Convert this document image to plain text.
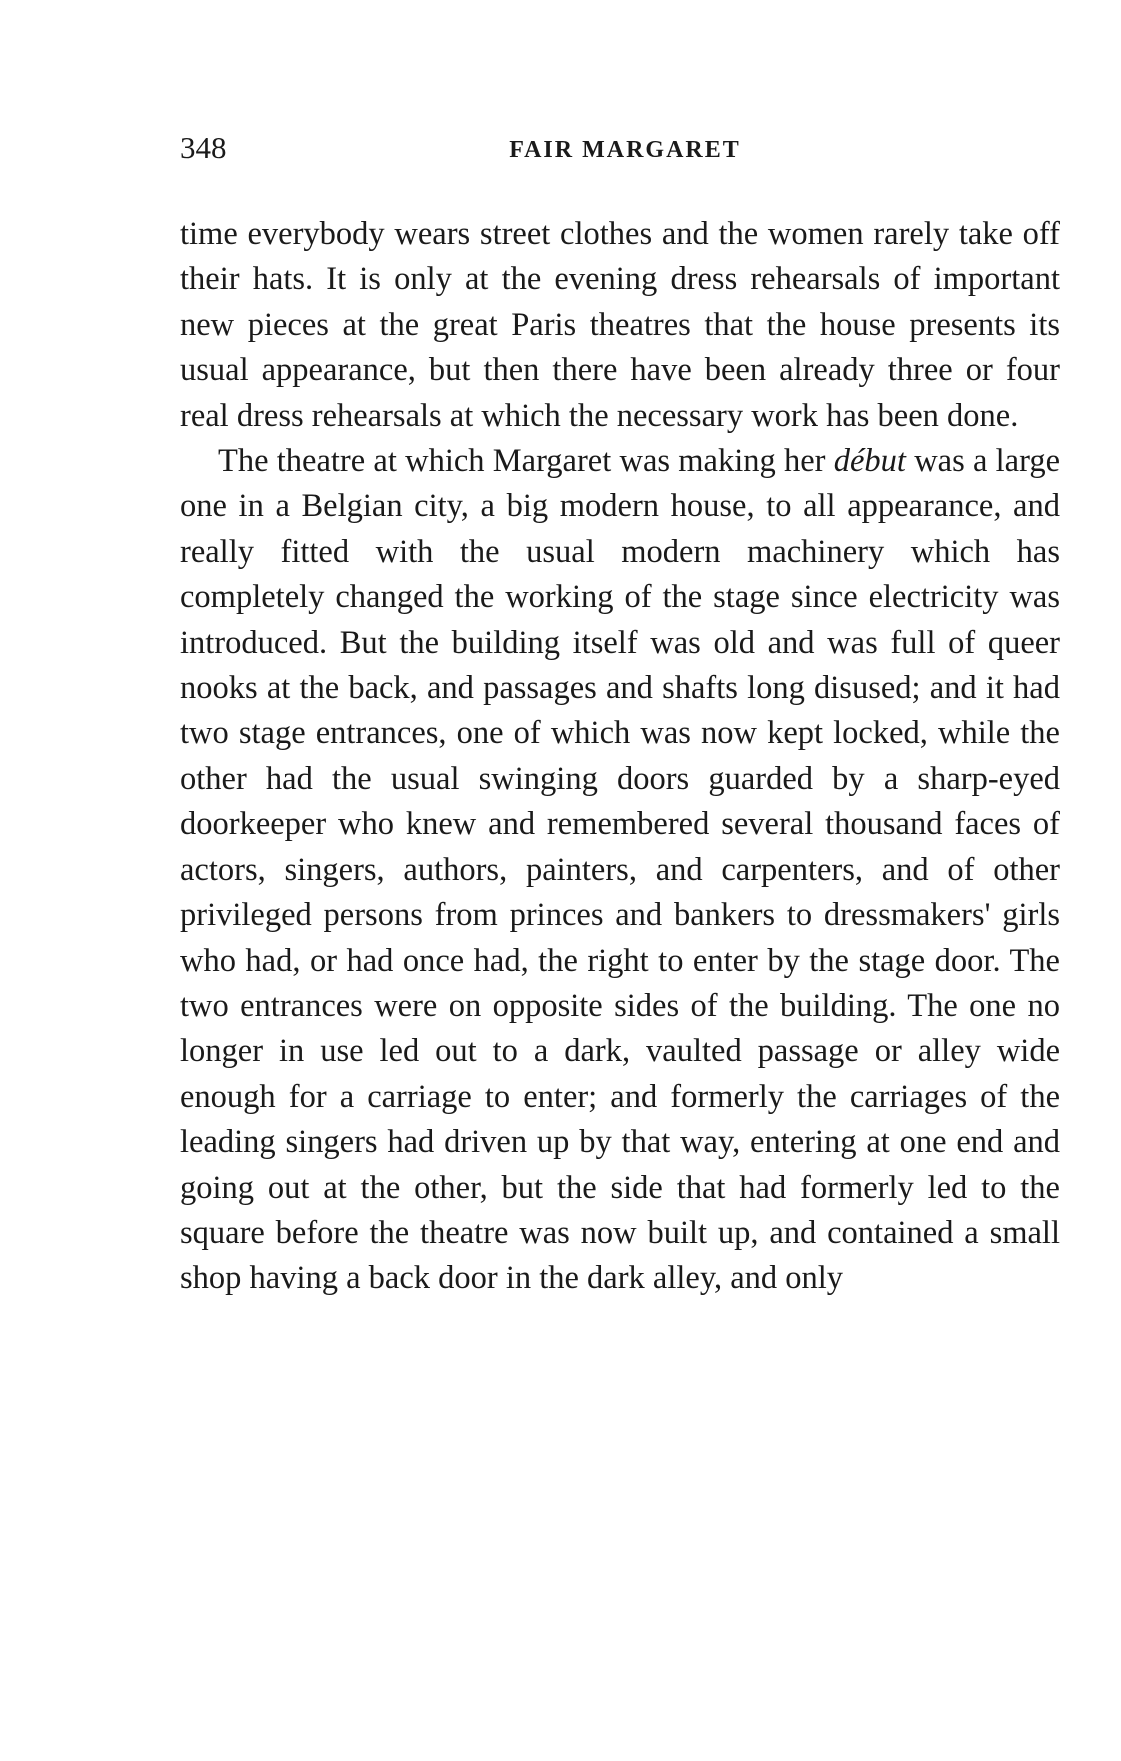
348	FAIR MARGARET

time everybody wears street clothes and the women rarely take off their hats. It is only at the evening dress rehearsals of important new pieces at the great Paris theatres that the house presents its usual appearance, but then there have been already three or four real dress rehearsals at which the necessary work has been done.

The theatre at which Margaret was making her début was a large one in a Belgian city, a big modern house, to all appearance, and really fitted with the usual modern machinery which has completely changed the working of the stage since electricity was introduced. But the building itself was old and was full of queer nooks at the back, and passages and shafts long disused; and it had two stage entrances, one of which was now kept locked, while the other had the usual swinging doors guarded by a sharp-eyed doorkeeper who knew and remembered several thousand faces of actors, singers, authors, painters, and carpenters, and of other privileged persons from princes and bankers to dressmakers' girls who had, or had once had, the right to enter by the stage door. The two entrances were on opposite sides of the building. The one no longer in use led out to a dark, vaulted passage or alley wide enough for a carriage to enter; and formerly the carriages of the leading singers had driven up by that way, entering at one end and going out at the other, but the side that had formerly led to the square before the theatre was now built up, and contained a small shop having a back door in the dark alley, and only
